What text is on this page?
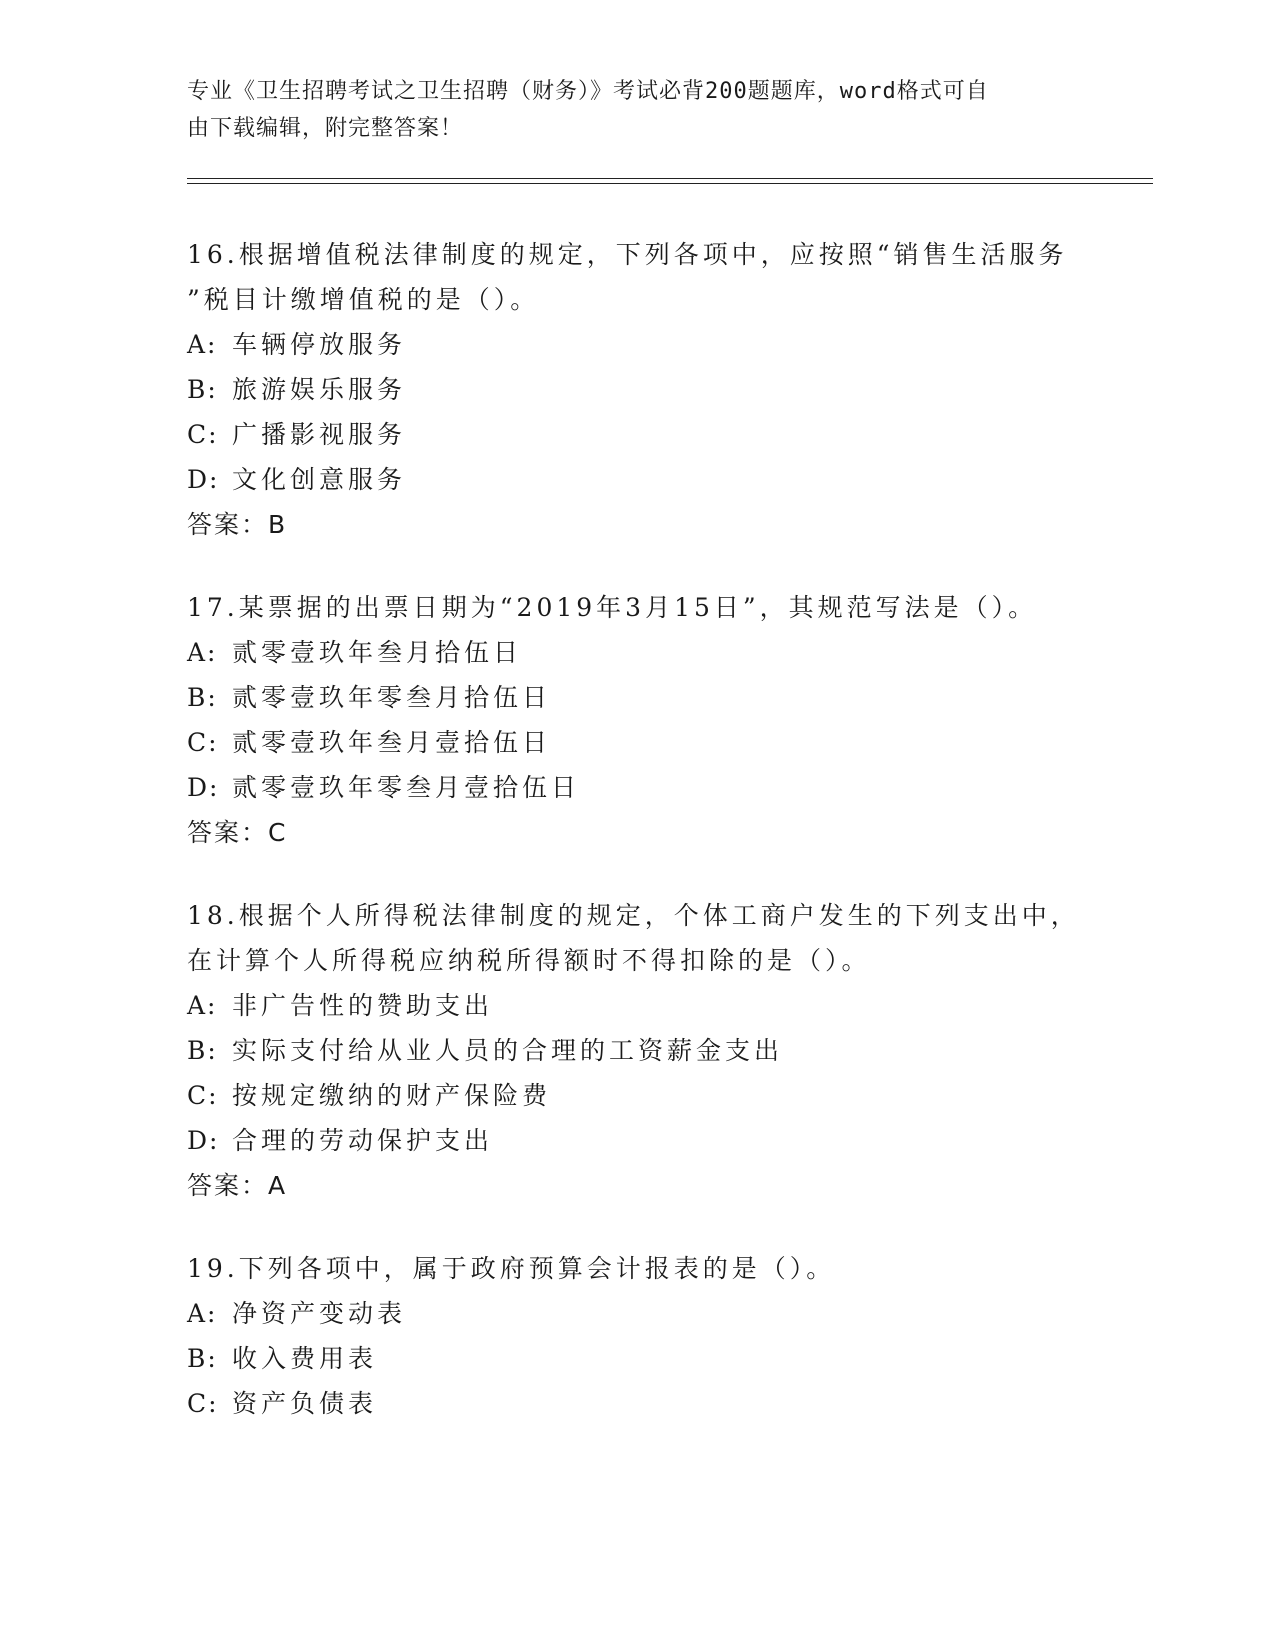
专业《卫生招聘考试之卫生招聘（财务）》考试必背200题题库，word格式可自
由下载编辑，附完整答案！
16.根据增值税法律制度的规定，下列各项中，应按照“销售生活服务
”税目计缴增值税的是（）。
A: 车辆停放服务
B: 旅游娱乐服务
C: 广播影视服务
D: 文化创意服务
答案：B
17.某票据的出票日期为“2019年3月15日”，其规范写法是（）。
A: 贰零壹玖年叁月拾伍日
B: 贰零壹玖年零叁月拾伍日
C: 贰零壹玖年叁月壹拾伍日
D: 贰零壹玖年零叁月壹拾伍日
答案：C
18.根据个人所得税法律制度的规定，个体工商户发生的下列支出中，
在计算个人所得税应纳税所得额时不得扣除的是（）。
A: 非广告性的赞助支出
B: 实际支付给从业人员的合理的工资薪金支出
C: 按规定缴纳的财产保险费
D: 合理的劳动保护支出
答案：A
19.下列各项中，属于政府预算会计报表的是（）。
A: 净资产变动表
B: 收入费用表
C: 资产负债表
